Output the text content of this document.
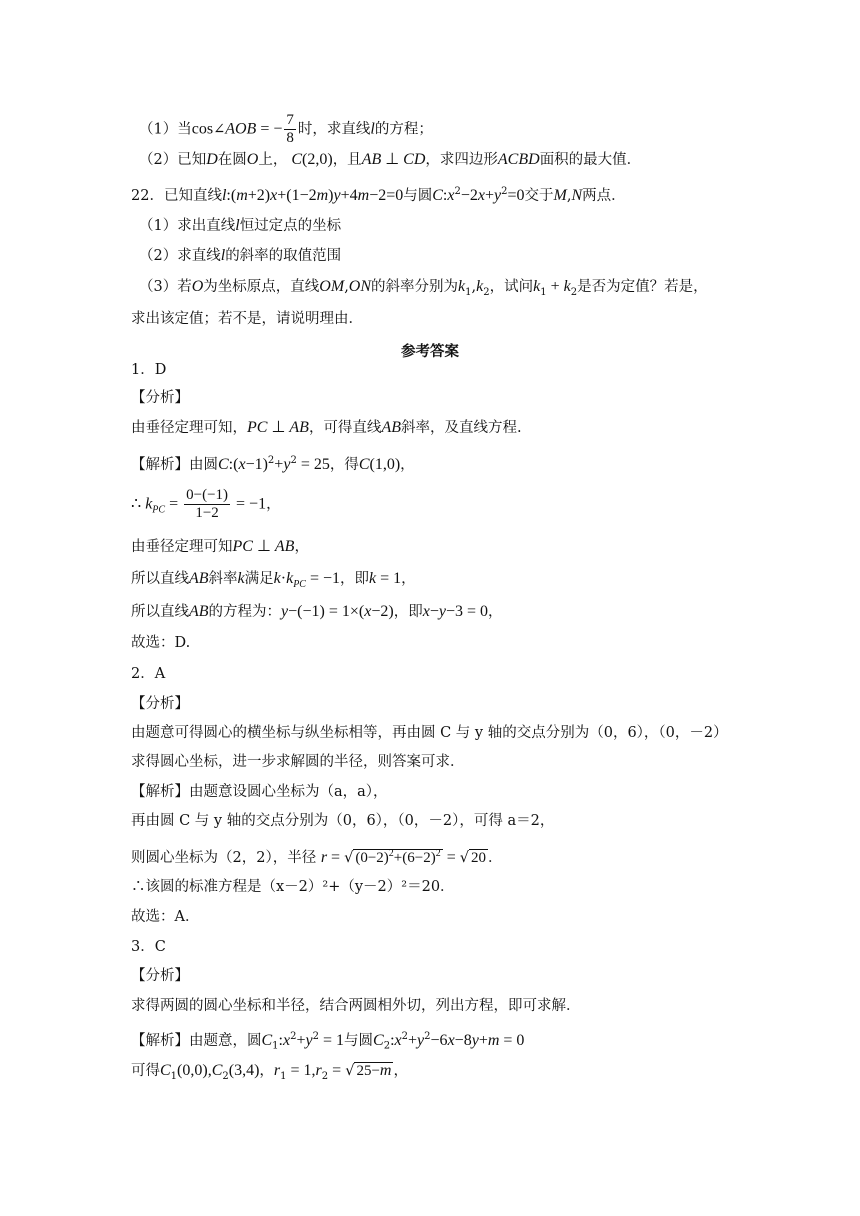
（1）当cos∠AOB = − $\frac{7}{8}$ 时，求直线l的方程；
（2）已知D在圆O上， C(2,0)，且AB ⊥ CD，求四边形ACBD面积的最大值．
22．已知直线l:(m+2)x+(1−2m)y+4m−2=0与圆$C:x^2-2x+y^2=0$交于M,N两点．
（1）求出直线l恒过定点的坐标
（2）求直线l的斜率的取值范围
（3）若O为坐标原点，直线OM,ON的斜率分别为$k_1,k_2$，试问$k_1 + k_2$是否为定值？若是，
求出该定值；若不是，请说明理由．
参考答案
1．D
【分析】
由垂径定理可知，PC ⊥ AB，可得直线AB斜率，及直线方程.
【解析】由圆$C:(x-1)^2+y^2 = 25$，得C(1,0)，
∴ $k_{PC} = \frac{0-(-1)}{1-2} = -1$，
由垂径定理可知PC ⊥ AB，
所以直线AB斜率k满足$k\cdot k_{PC} = -1$，即k = 1，
所以直线AB的方程为：y−(−1) = 1×(x−2)，即x−y−3 = 0，
故选：D.
2．A
【分析】
由题意可得圆心的横坐标与纵坐标相等，再由圆 C 与 y 轴的交点分别为（0，6），（0，－2）
求得圆心坐标，进一步求解圆的半径，则答案可求．
【解析】由题意设圆心坐标为（a，a），
再由圆 C 与 y 轴的交点分别为（0，6），（0，－2），可得 a＝2，
则圆心坐标为（2，2），半径 r = √ $(0-2)^2+(6-2)^2$ = √ 20 ．
∴该圆的标准方程是（x－2）²+（y－2）²＝20．
故选：A．
3．C
【分析】
求得两圆的圆心坐标和半径，结合两圆相外切，列出方程，即可求解．
【解析】由题意，圆$C_1:x^2+y^2 = 1$与圆$C_2:x^2+y^2-6x-8y+m = 0$
可得$C_1(0,0),C_2(3,4)$，$r_1 = 1,r_2$ = √ 25−m ，
